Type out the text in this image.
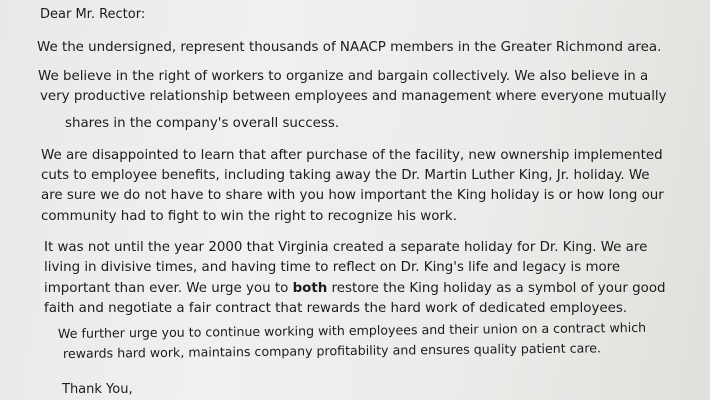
Dear Mr. Rector:
We the undersigned, represent thousands of NAACP members in the Greater Richmond area.
We believe in the right of workers to organize and bargain collectively. We also believe in a
very productive relationship between employees and management where everyone mutually
shares in the company's overall success.
We are disappointed to learn that after purchase of the facility, new ownership implemented
cuts to employee benefits, including taking away the Dr. Martin Luther King, Jr. holiday. We
are sure we do not have to share with you how important the King holiday is or how long our
community had to fight to win the right to recognize his work.
It was not until the year 2000 that Virginia created a separate holiday for Dr. King. We are
living in divisive times, and having time to reflect on Dr. King's life and legacy is more
important than ever. We urge you to both restore the King holiday as a symbol of your good
faith and negotiate a fair contract that rewards the hard work of dedicated employees.
We further urge you to continue working with employees and their union on a contract which
rewards hard work, maintains company profitability and ensures quality patient care.
Thank You,
